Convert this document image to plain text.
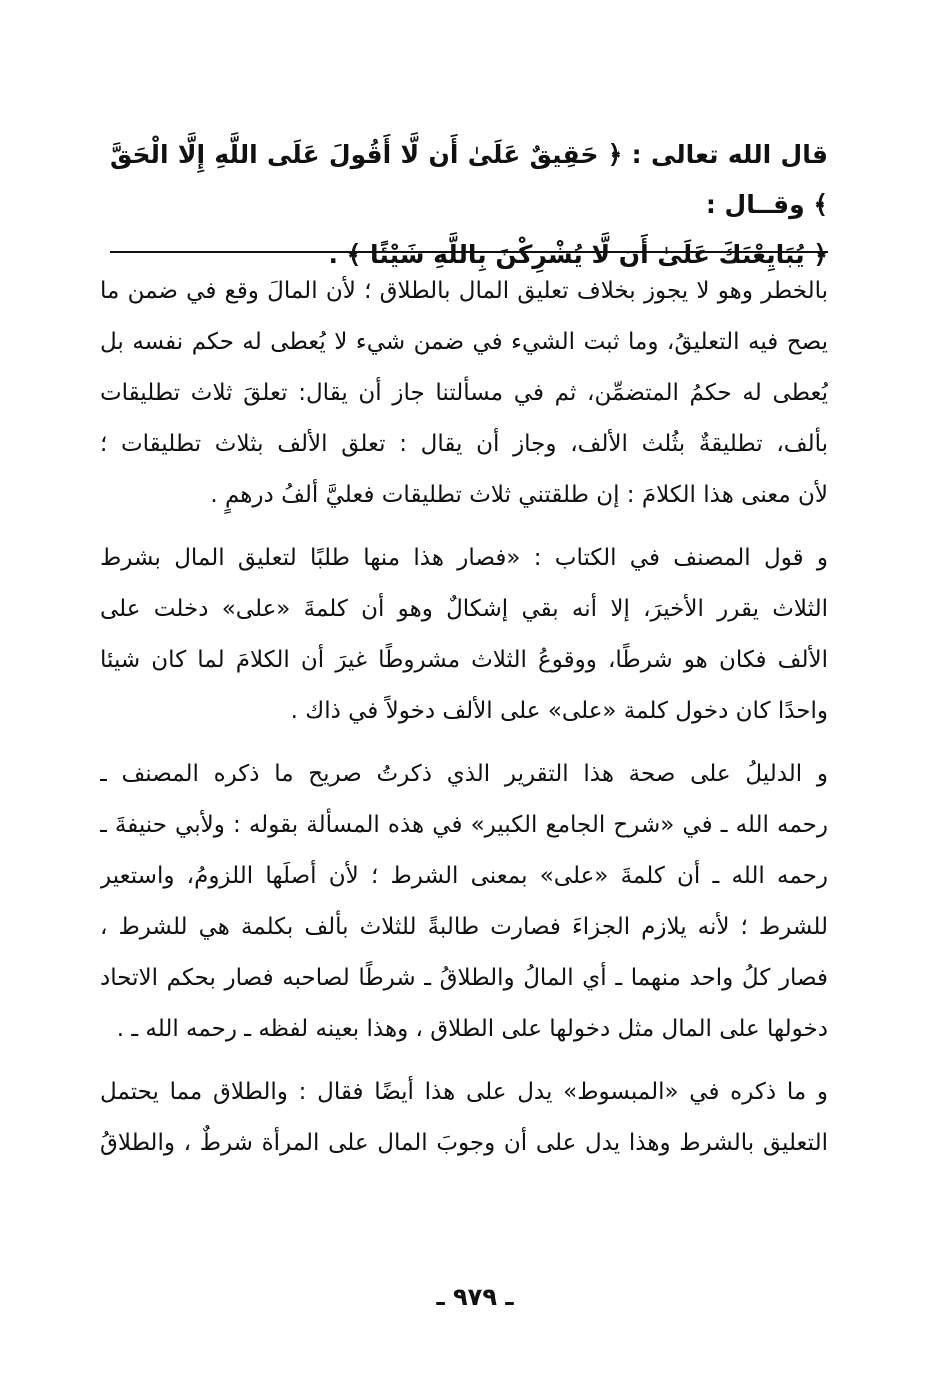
قال الله تعالى : ﴿ حَقِيقٌ عَلَىٰ أَن لَّا أَقُولَ عَلَى اللَّهِ إِلَّا الْحَقَّ ﴾ وقــال :
﴿ يُبَايِعْنَكَ عَلَىٰ أَن لَّا يُشْرِكْنَ بِاللَّهِ شَيْئًا ﴾ .
بالخطر وهو لا يجوز بخلاف تعليق المال بالطلاق ؛ لأن المالَ وقع في ضمن ما
يصح فيه التعليقُ، وما ثبت الشيء في ضمن شيء لا يُعطى له حكم نفسه بل
يُعطى له حكمُ المتضمِّن، ثم في مسألتنا جاز أن يقال: تعلقَ ثلاث تطليقات
بألف، تطليقةٌ بثُلث الألف، وجاز أن يقال : تعلق الألف بثلاث تطليقات ؛
لأن معنى هذا الكلامَ : إن طلقتني ثلاث تطليقات فعليَّ ألفُ درهمٍ .
و قول المصنف في الكتاب : «فصار هذا منها طلبًا لتعليق المال بشرط
الثلاث يقرر الأخيرَ، إلا أنه بقي إشكالٌ وهو أن كلمةَ «على» دخلت على
الألف فكان هو شرطًا، ووقوعُ الثلاث مشروطًا غيرَ أن الكلامَ لما كان شيئا
واحدًا كان دخول كلمة «على» على الألف دخولاً في ذاك .
و الدليلُ على صحة هذا التقرير الذي ذكرتُ صريح ما ذكره المصنف ـ
رحمه الله ـ في «شرح الجامع الكبير» في هذه المسألة بقوله : ولأبي حنيفةَ ـ
رحمه الله ـ أن كلمةَ «على» بمعنى الشرط ؛ لأن أصلَها اللزومُ، واستعير
للشرط ؛ لأنه يلازم الجزاءَ فصارت طالبةً للثلاث بألف بكلمة هي للشرط ،
فصار كلُ واحد منهما ـ أي المالُ والطلاقُ ـ شرطًا لصاحبه فصار بحكم الاتحاد
دخولها على المال مثل دخولها على الطلاق ، وهذا بعينه لفظه ـ رحمه الله ـ .
و ما ذكره في «المبسوط» يدل على هذا أيضًا فقال : والطلاق مما يحتمل
التعليق بالشرط وهذا يدل على أن وجوبَ المال على المرأة شرطٌ ، والطلاقُ
ـ ٩٧٩ ـ
